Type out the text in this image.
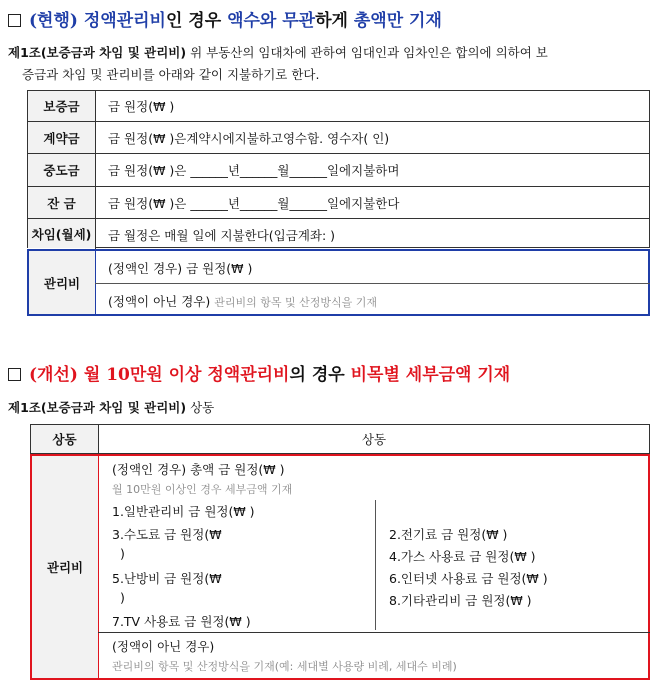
(현행) 정액관리비인 경우 액수와 무관하게 총액만 기재
제1조(보증금과 차임 및 관리비) 위 부동산의 임대차에 관하여 임대인과 임차인은 합의에 의하여 보
증금과 차임 및 관리비를 아래와 같이 지불하기로 한다.
보증금
계약금
중도금
잔 금
차임(월세)
금 원정(₩ )
금 원정(₩ )은계약시에지불하고영수함. 영수자( 인)
금 원정(₩ )은 ______년______월______일에지불하며
금 원정(₩ )은 ______년______월______일에지불한다
금 월정은 매월 일에 지불한다(입금계좌: )
관리비
(정액인 경우) 금 원정(₩ )
(정액이 아닌 경우) 관리비의 항목 및 산정방식을 기재
(개선) 월 10만원 이상 정액관리비의 경우 비목별 세부금액 기재
제1조(보증금과 차임 및 관리비) 상동
상동	상동
관리비
(정액인 경우) 총액 금 원정(₩ )
월 10만원 이상인 경우 세부금액 기재
1.일반관리비 금 원정(₩ )
3.수도료 금 원정(₩
)
5.난방비 금 원정(₩
)
7.TV 사용료 금 원정(₩ )
2.전기료 금 원정(₩ )
4.가스 사용료 금 원정(₩ )
6.인터넷 사용료 금 원정(₩ )
8.기타관리비 금 원정(₩ )
(정액이 아닌 경우)
관리비의 항목 및 산정방식을 기재(예: 세대별 사용량 비례, 세대수 비례)
